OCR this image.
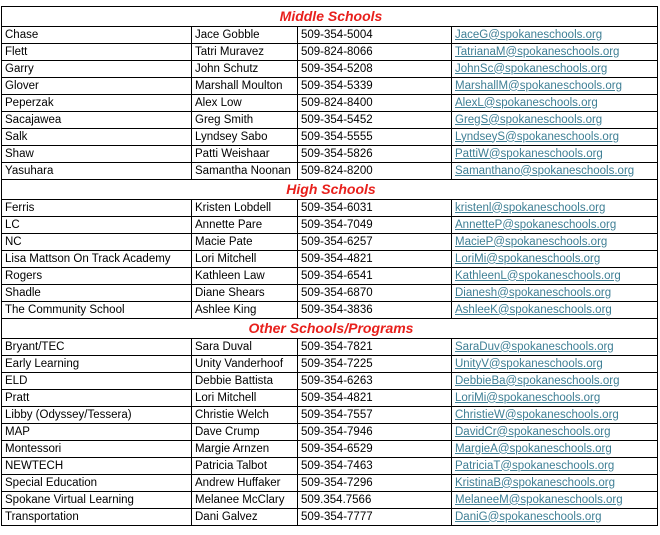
Middle Schools			
Chase	Jace Gobble	509-354-5004	JaceG@spokaneschools.org
Flett	Tatri Muravez	509-824-8066	TatrianaM@spokaneschools.org
Garry	John Schutz	509-354-5208	JohnSc@spokaneschools.org
Glover	Marshall Moulton	509-354-5339	MarshallM@spokaneschools.org
Peperzak	Alex Low	509-824-8400	AlexL@spokaneschools.org
Sacajawea	Greg Smith	509-354-5452	GregS@spokaneschools.org
Salk	Lyndsey Sabo	509-354-5555	LyndseyS@spokaneschools.org
Shaw	Patti Weishaar	509-354-5826	PattiW@spokaneschools.org
Yasuhara	Samantha Noonan	509-824-8200	Samanthano@spokaneschools.org
High Schools			
Ferris	Kristen Lobdell	509-354-6031	kristenl@spokaneschools.org
LC	Annette Pare	509-354-7049	AnnetteP@spokaneschools.org
NC	Macie Pate	509-354-6257	MacieP@spokaneschools.org
Lisa Mattson On Track Academy	Lori Mitchell	509-354-4821	LoriMi@spokaneschools.org
Rogers	Kathleen Law	509-354-6541	KathleenL@spokaneschools.org
Shadle	Diane Shears	509-354-6870	Dianesh@spokaneschools.org
The Community School	Ashlee King	509-354-3836	AshleeK@spokaneschools.org
Other Schools/Programs			
Bryant/TEC	Sara Duval	509-354-7821	SaraDuv@spokaneschools.org
Early Learning	Unity Vanderhoof	509-354-7225	UnityV@spokaneschools.org
ELD	Debbie Battista	509-354-6263	DebbieBa@spokaneschools.org
Pratt	Lori Mitchell	509-354-4821	LoriMi@spokaneschools.org
Libby (Odyssey/Tessera)	Christie Welch	509-354-7557	ChristieW@spokaneschools.org
MAP	Dave Crump	509-354-7946	DavidCr@spokaneschools.org
Montessori	Margie Arnzen	509-354-6529	MargieA@spokaneschools.org
NEWTECH	Patricia Talbot	509-354-7463	PatriciaT@spokaneschools.org
Special Education	Andrew Huffaker	509-354-7296	KristinaB@spokaneschools.org
Spokane Virtual Learning	Melanee McClary	509.354.7566	MelaneeM@spokaneschools.org
Transportation	Dani Galvez	509-354-7777	DaniG@spokaneschools.org
